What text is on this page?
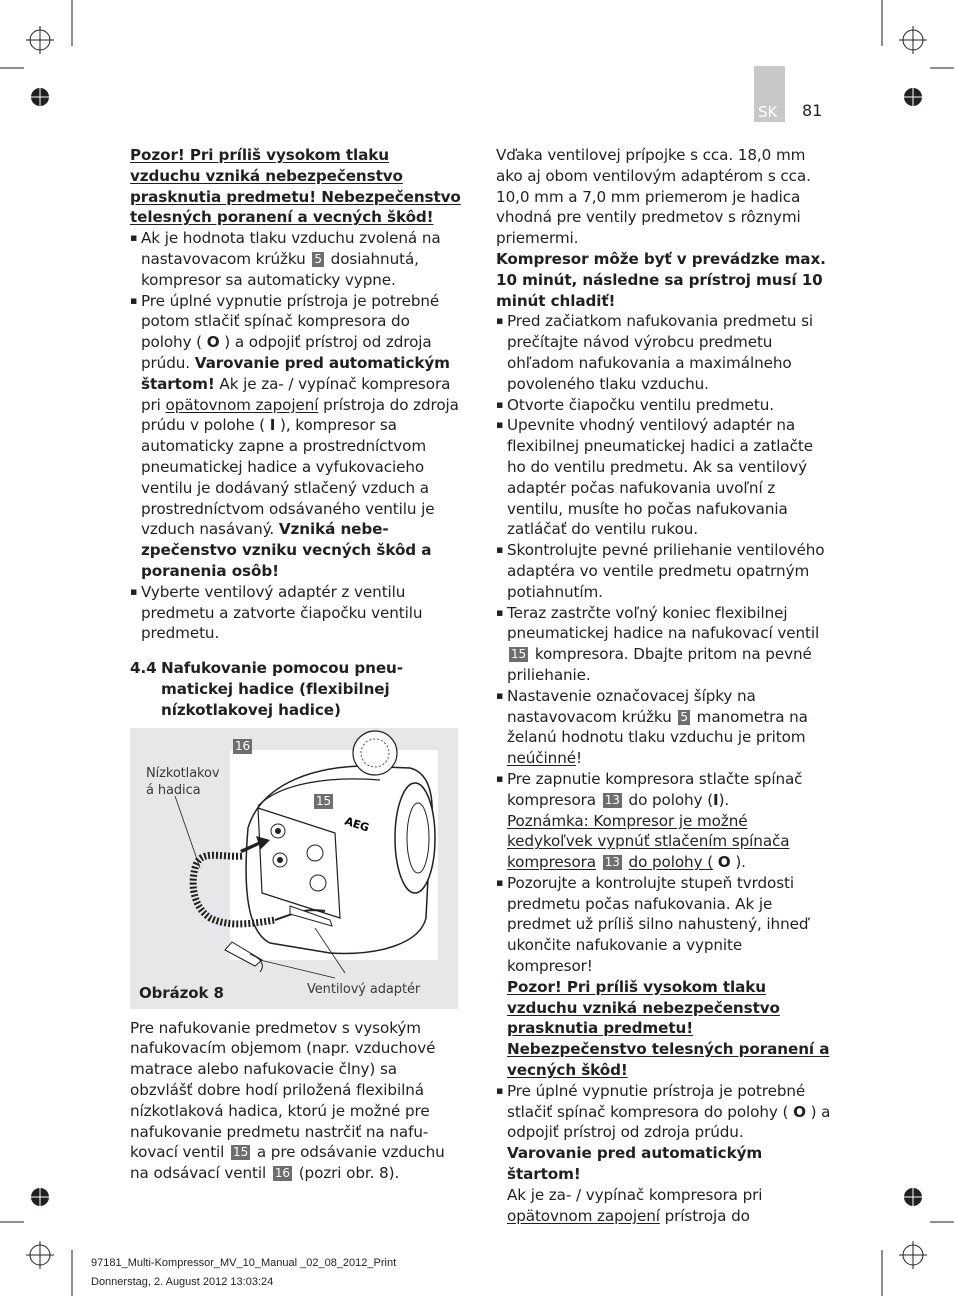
SK 81

Pozor! Pri príliš vysokom tlaku vzduchu vzniká nebezpečenstvo prasknutia predmetu! Nebezpečenstvo telesných poranení a vecných škôd!

▪ Ak je hodnota tlaku vzduchu zvolená na nastavovacom krúžku 5 dosiahnutá, kompresor sa automaticky vypne.
▪ Pre úplné vypnutie prístroja je potrebné potom stlačiť spínač kompresora do polohy ( O ) a odpojiť prístroj od zdroja prúdu. Varovanie pred automatickým štartom! Ak je za- / vypínač kompresora pri opätovnom zapojení prístroja do zdroja prúdu v polohe ( I ), kompresor sa automaticky zapne a prostredníctvom pneumatickej hadice a vyfukovacieho ventilu je dodávaný stlačený vzduch a prostredníctvom odsávaného ventilu je vzduch nasávaný. Vzniká nebe-zpečenstvo vzniku vecných škôd a poranenia osôb!
▪ Vyberte ventilový adaptér z ventilu predmetu a zatvorte čiapočku ventilu predmetu.
4.4 Nafukovanie pomocou pneu-matickej hadice (flexibilnej nízkotlakovej hadice)
AEG
16
15
Nízkotlakov á hadica
Ventilový adaptér
Obrázok 8

Pre nafukovanie predmetov s vysokým nafukovacím objemom (napr. vzduchové matrace alebo nafukovacie člny) sa obzvlášť dobre hodí priložená flexibilná nízkotlaková hadica, ktorú je možné pre nafukovanie predmetu nastrčiť na nafu-kovací ventil 15 a pre odsávanie vzduchu na odsávací ventil 16 (pozri obr. 8).

Vďaka ventilovej prípojke s cca. 18,0 mm ako aj obom ventilovým adaptérom s cca. 10,0 mm a 7,0 mm priemerom je hadica vhodná pre ventily predmetov s rôznymi priemermi.

Kompresor môže byť v prevádzke max. 10 minút, následne sa prístroj musí 10 minút chladiť!

▪ Pred začiatkom nafukovania predmetu si prečítajte návod výrobcu predmetu ohľadom nafukovania a maximálneho povoleného tlaku vzduchu.
▪ Otvorte čiapočku ventilu predmetu.
▪ Upevnite vhodný ventilový adaptér na flexibilnej pneumatickej hadici a zatlačte ho do ventilu predmetu. Ak sa ventilový adaptér počas nafukovania uvoľní z ventilu, musíte ho počas nafukovania zatláčať do ventilu rukou.
▪ Skontrolujte pevné priliehanie ventilového adaptéra vo ventile predmetu opatrným potiahnutím.
▪ Teraz zastrčte voľný koniec flexibilnej pneumatickej hadice na nafukovací ventil 15 kompresora. Dbajte pritom na pevné priliehanie.
▪ Nastavenie označovacej šípky na nastavovacom krúžku 5 manometra na želanú hodnotu tlaku vzduchu je pritom neúčinné!
▪ Pre zapnutie kompresora stlačte spínač kompresora 13 do polohy (I).
Poznámka: Kompresor je možné kedykoľvek vypnúť stlačením spínača kompresora 13 do polohy ( O ).
▪ Pozorujte a kontrolujte stupeň tvrdosti predmetu počas nafukovania. Ak je predmet už príliš silno nahustený, ihneď ukončite nafukovanie a vypnite kompresor!
Pozor! Pri príliš vysokom tlaku vzduchu vzniká nebezpečenstvo prasknutia predmetu! Nebezpečenstvo telesných poranení a vecných škôd!
▪ Pre úplné vypnutie prístroja je potrebné stlačiť spínač kompresora do polohy ( O ) a odpojiť prístroj od zdroja prúdu.
Varovanie pred automatickým štartom!
Ak je za- / vypínač kompresora pri opätovnom zapojení prístroja do
97181_Multi-Kompressor_MV_10_Manual _02_08_2012_Print
Donnerstag, 2. August 2012 13:03:24
